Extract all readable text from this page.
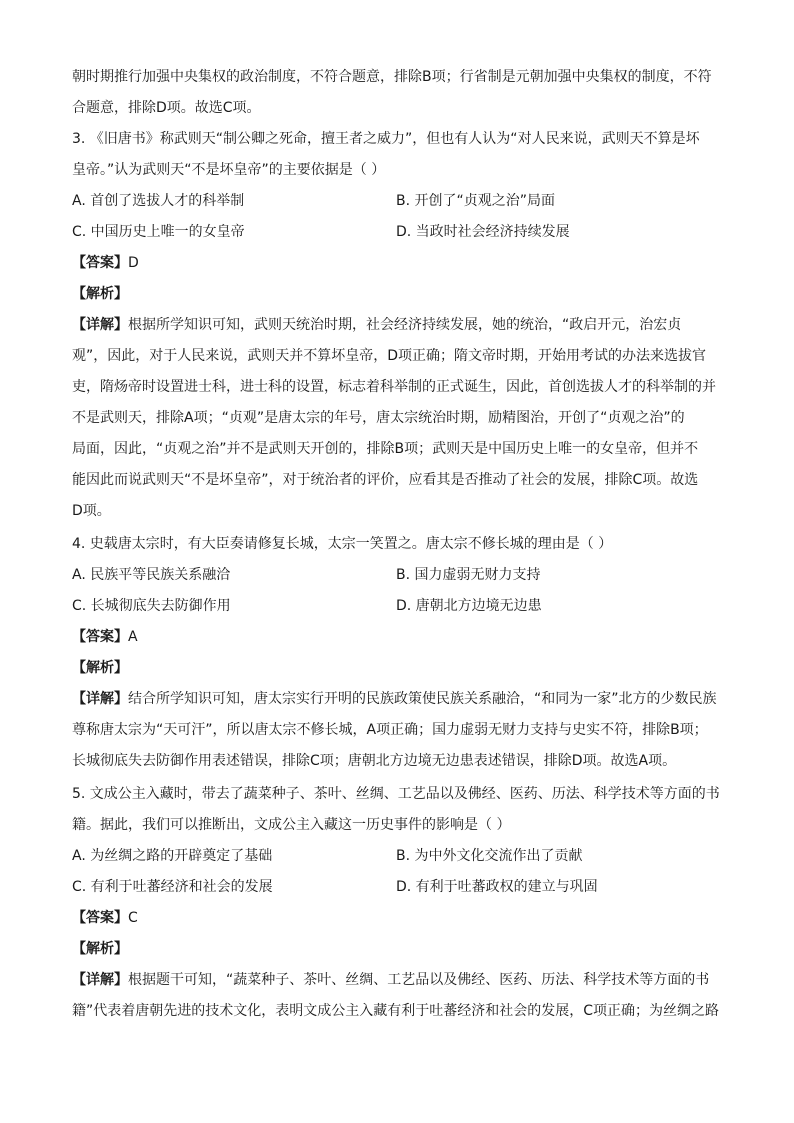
朝时期推行加强中央集权的政治制度，不符合题意，排除B项；行省制是元朝加强中央集权的制度，不符
合题意，排除D项。故选C项。
3. 《旧唐书》称武则天“制公卿之死命，擅王者之威力”，但也有人认为“对人民来说，武则天不算是坏
皇帝。”认为武则天“不是坏皇帝”的主要依据是（ ）
A. 首创了选拔人才的科举制	B. 开创了“贞观之治”局面
C. 中国历史上唯一的女皇帝	D. 当政时社会经济持续发展
【答案】D
【解析】
【详解】根据所学知识可知，武则天统治时期，社会经济持续发展，她的统治，“政启开元，治宏贞
观”，因此，对于人民来说，武则天并不算坏皇帝，D项正确；隋文帝时期，开始用考试的办法来选拔官
吏，隋炀帝时设置进士科，进士科的设置，标志着科举制的正式诞生，因此，首创选拔人才的科举制的并
不是武则天，排除A项；“贞观”是唐太宗的年号，唐太宗统治时期，励精图治，开创了“贞观之治”的
局面，因此，“贞观之治”并不是武则天开创的，排除B项；武则天是中国历史上唯一的女皇帝，但并不
能因此而说武则天“不是坏皇帝”，对于统治者的评价，应看其是否推动了社会的发展，排除C项。故选
D项。
4. 史载唐太宗时，有大臣奏请修复长城，太宗一笑置之。唐太宗不修长城的理由是（ ）
A. 民族平等民族关系融洽	B. 国力虚弱无财力支持
C. 长城彻底失去防御作用	D. 唐朝北方边境无边患
【答案】A
【解析】
【详解】结合所学知识可知，唐太宗实行开明的民族政策使民族关系融洽，“和同为一家”北方的少数民族
尊称唐太宗为“天可汗”，所以唐太宗不修长城，A项正确；国力虚弱无财力支持与史实不符，排除B项；
长城彻底失去防御作用表述错误，排除C项；唐朝北方边境无边患表述错误，排除D项。故选A项。
5. 文成公主入藏时，带去了蔬菜种子、茶叶、丝绸、工艺品以及佛经、医药、历法、科学技术等方面的书
籍。据此，我们可以推断出，文成公主入藏这一历史事件的影响是（ ）
A. 为丝绸之路的开辟奠定了基础	B. 为中外文化交流作出了贡献
C. 有利于吐蕃经济和社会的发展	D. 有利于吐蕃政权的建立与巩固
【答案】C
【解析】
【详解】根据题干可知，“蔬菜种子、茶叶、丝绸、工艺品以及佛经、医药、历法、科学技术等方面的书
籍”代表着唐朝先进的技术文化，表明文成公主入藏有利于吐蕃经济和社会的发展，C项正确；为丝绸之路
